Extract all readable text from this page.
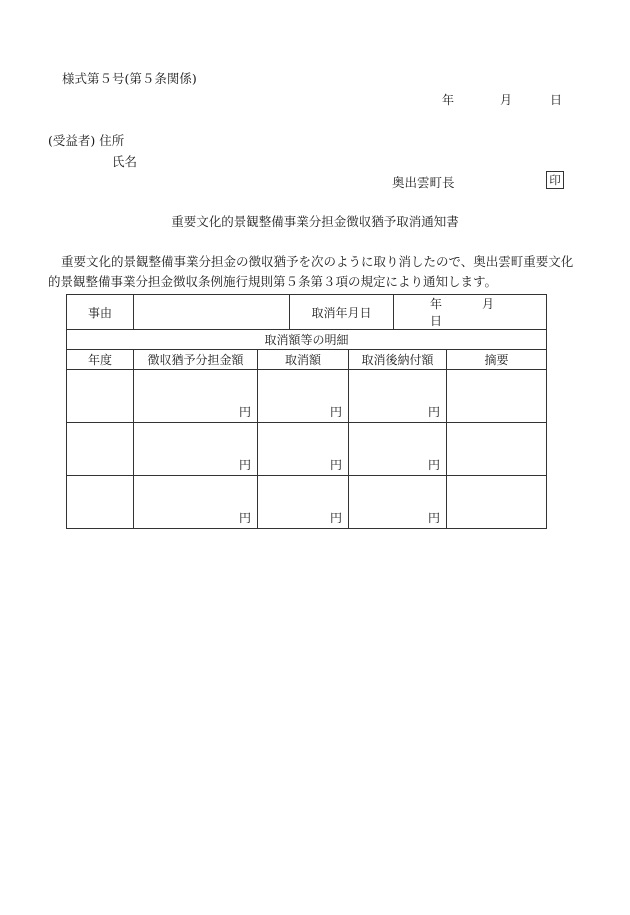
様式第５号(第５条関係)
年	月	日
(受益者) 住所
氏名
奥出雲町長	印
重要文化的景観整備事業分担金徴収猶予取消通知書
重要文化的景観整備事業分担金の徴収猶予を次のように取り消したので、奥出雲町重要文化的景観整備事業分担金徴収条例施行規則第５条第３項の規定により通知します。
事由			取消年月日		年 月日	
取消額等の明細						
年度	徴収猶予分担金額	取消額		取消後納付額		摘要
	円	円		円		
	円	円		円		
	円	円		円		
